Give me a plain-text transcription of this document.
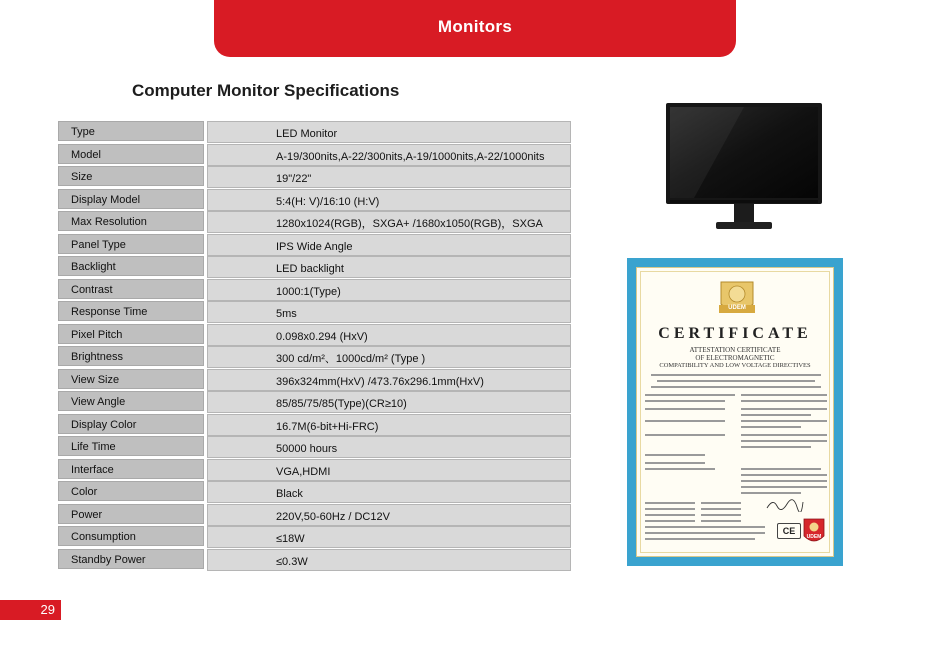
Monitors
Computer Monitor Specifications
Type	LED Monitor
Model	A-19/300nits,A-22/300nits,A-19/1000nits,A-22/1000nits
Size	19"/22"
Display Model	5:4(H: V)/16:10 (H:V)
Max Resolution	1280x1024(RGB)，SXGA+ /1680x1050(RGB)，SXGA
Panel Type	IPS Wide Angle
Backlight	LED backlight
Contrast	1000:1(Type)
Response Time	5ms
Pixel Pitch	0.098x0.294 (HxV)
Brightness	300 cd/m²、1000cd/m² (Type )
View Size	396x324mm(HxV) /473.76x296.1mm(HxV)
View Angle	85/85/75/85(Type)(CR≥10)
Display Color	16.7M(6-bit+Hi-FRC)
Life Time	50000 hours
Interface	VGA,HDMI
Color	Black
Power	220V,50-60Hz / DC12V
Consumption	≤18W
Standby Power	≤0.3W
UDEM
CERTIFICATE
ATTESTATION CERTIFICATE
OF ELECTROMAGNETIC
COMPATIBILITY AND LOW VOLTAGE DIRECTIVES
CE
UDEM
29
